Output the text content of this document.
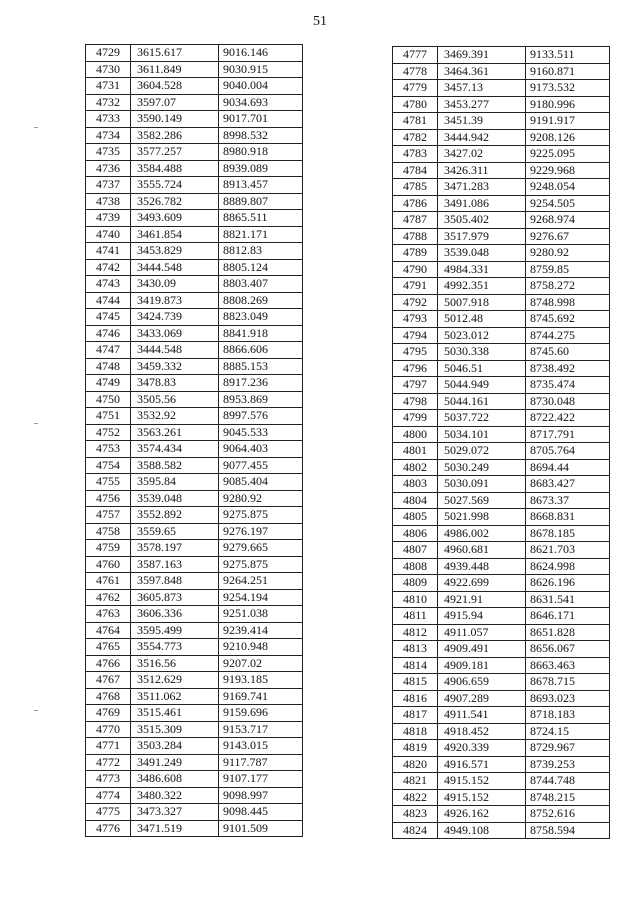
51
4729	3615.617	9016.146
4730	3611.849	9030.915
4731	3604.528	9040.004
4732	3597.07	9034.693
4733	3590.149	9017.701
4734	3582.286	8998.532
4735	3577.257	8980.918
4736	3584.488	8939.089
4737	3555.724	8913.457
4738	3526.782	8889.807
4739	3493.609	8865.511
4740	3461.854	8821.171
4741	3453.829	8812.83
4742	3444.548	8805.124
4743	3430.09	8803.407
4744	3419.873	8808.269
4745	3424.739	8823.049
4746	3433.069	8841.918
4747	3444.548	8866.606
4748	3459.332	8885.153
4749	3478.83	8917.236
4750	3505.56	8953.869
4751	3532.92	8997.576
4752	3563.261	9045.533
4753	3574.434	9064.403
4754	3588.582	9077.455
4755	3595.84	9085.404
4756	3539.048	9280.92
4757	3552.892	9275.875
4758	3559.65	9276.197
4759	3578.197	9279.665
4760	3587.163	9275.875
4761	3597.848	9264.251
4762	3605.873	9254.194
4763	3606.336	9251.038
4764	3595.499	9239.414
4765	3554.773	9210.948
4766	3516.56	9207.02
4767	3512.629	9193.185
4768	3511.062	9169.741
4769	3515.461	9159.696
4770	3515.309	9153.717
4771	3503.284	9143.015
4772	3491.249	9117.787
4773	3486.608	9107.177
4774	3480.322	9098.997
4775	3473.327	9098.445
4776	3471.519	9101.509
4777	3469.391	9133.511
4778	3464.361	9160.871
4779	3457.13	9173.532
4780	3453.277	9180.996
4781	3451.39	9191.917
4782	3444.942	9208.126
4783	3427.02	9225.095
4784	3426.311	9229.968
4785	3471.283	9248.054
4786	3491.086	9254.505
4787	3505.402	9268.974
4788	3517.979	9276.67
4789	3539.048	9280.92
4790	4984.331	8759.85
4791	4992.351	8758.272
4792	5007.918	8748.998
4793	5012.48	8745.692
4794	5023.012	8744.275
4795	5030.338	8745.60
4796	5046.51	8738.492
4797	5044.949	8735.474
4798	5044.161	8730.048
4799	5037.722	8722.422
4800	5034.101	8717.791
4801	5029.072	8705.764
4802	5030.249	8694.44
4803	5030.091	8683.427
4804	5027.569	8673.37
4805	5021.998	8668.831
4806	4986.002	8678.185
4807	4960.681	8621.703
4808	4939.448	8624.998
4809	4922.699	8626.196
4810	4921.91	8631.541
4811	4915.94	8646.171
4812	4911.057	8651.828
4813	4909.491	8656.067
4814	4909.181	8663.463
4815	4906.659	8678.715
4816	4907.289	8693.023
4817	4911.541	8718.183
4818	4918.452	8724.15
4819	4920.339	8729.967
4820	4916.571	8739.253
4821	4915.152	8744.748
4822	4915.152	8748.215
4823	4926.162	8752.616
4824	4949.108	8758.594
